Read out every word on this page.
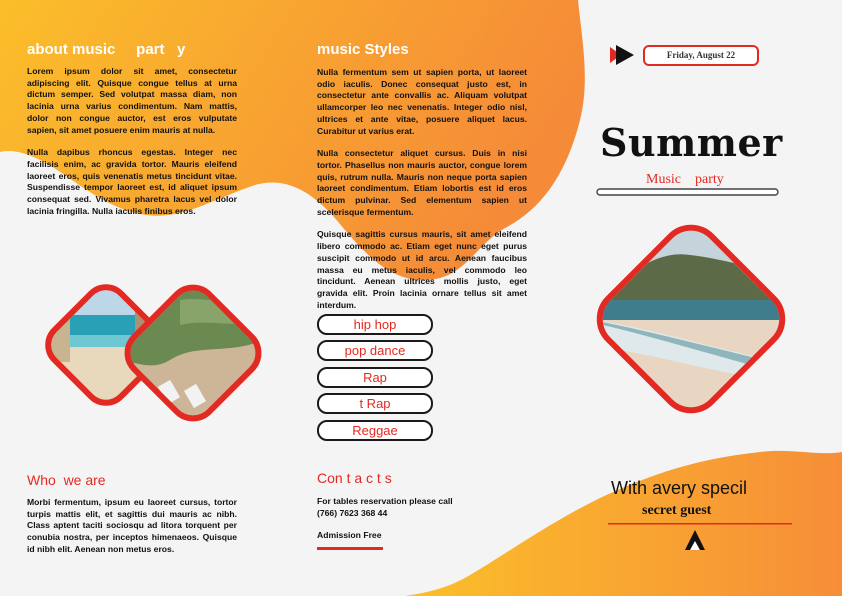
about music     part   y

Lorem ipsum dolor sit amet, consectetur adipiscing elit. Quisque congue tellus at urna dictum semper. Sed volutpat massa diam, non lacinia urna varius condimentum. Nam mattis, dolor non congue auctor, est eros vulputate sapien, sit amet posuere enim mauris at nulla.

Nulla dapibus rhoncus egestas. Integer nec facilisis enim, ac gravida tortor. Mauris eleifend laoreet eros, quis venenatis metus tincidunt vitae. Suspendisse tempor laoreet est, id aliquet ipsum consequat sed. Vivamus pharetra lacus vel dolor lacinia fringilla. Nulla iaculis finibus eros.

Who  we are
Morbi fermentum, ipsum eu laoreet cursus, tortor turpis mattis elit, et sagittis dui mauris ac nibh. Class aptent taciti sociosqu ad litora torquent per conubia nostra, per inceptos himenaeos. Quisque id nibh elit. Aenean non metus eros.
music Styles

Nulla fermentum sem ut sapien porta, ut laoreet odio iaculis. Donec consequat justo est, in consectetur ante convallis ac. Aliquam volutpat ullamcorper leo nec venenatis. Integer odio nisl, ultrices et ante vitae, posuere aliquet lacus. Curabitur ut varius erat.

Nulla consectetur aliquet cursus. Duis in nisi tortor. Phasellus non mauris auctor, congue lorem quis, rutrum nulla. Mauris non neque porta sapien laoreet condimentum. Etiam lobortis est id eros dictum pulvinar. Sed elementum sapien ut scelerisque fermentum.

Quisque sagittis cursus mauris, sit amet eleifend libero commodo ac. Etiam eget nunc eget purus suscipit commodo ut id arcu. Aenean faucibus massa eu metus iaculis, vel commodo leo tincidunt. Aenean ultrices mollis justo, eget gravida elit. Proin lacinia ornare tellus sit amet interdum.

hip hop
pop dance
Rap
t Rap
Reggae
Con t a c t s
For tables reservation please call
(766) 7623 368 44
Admission Free
Friday, August 22
Summer
Music    party
With avery specil
secret guest
